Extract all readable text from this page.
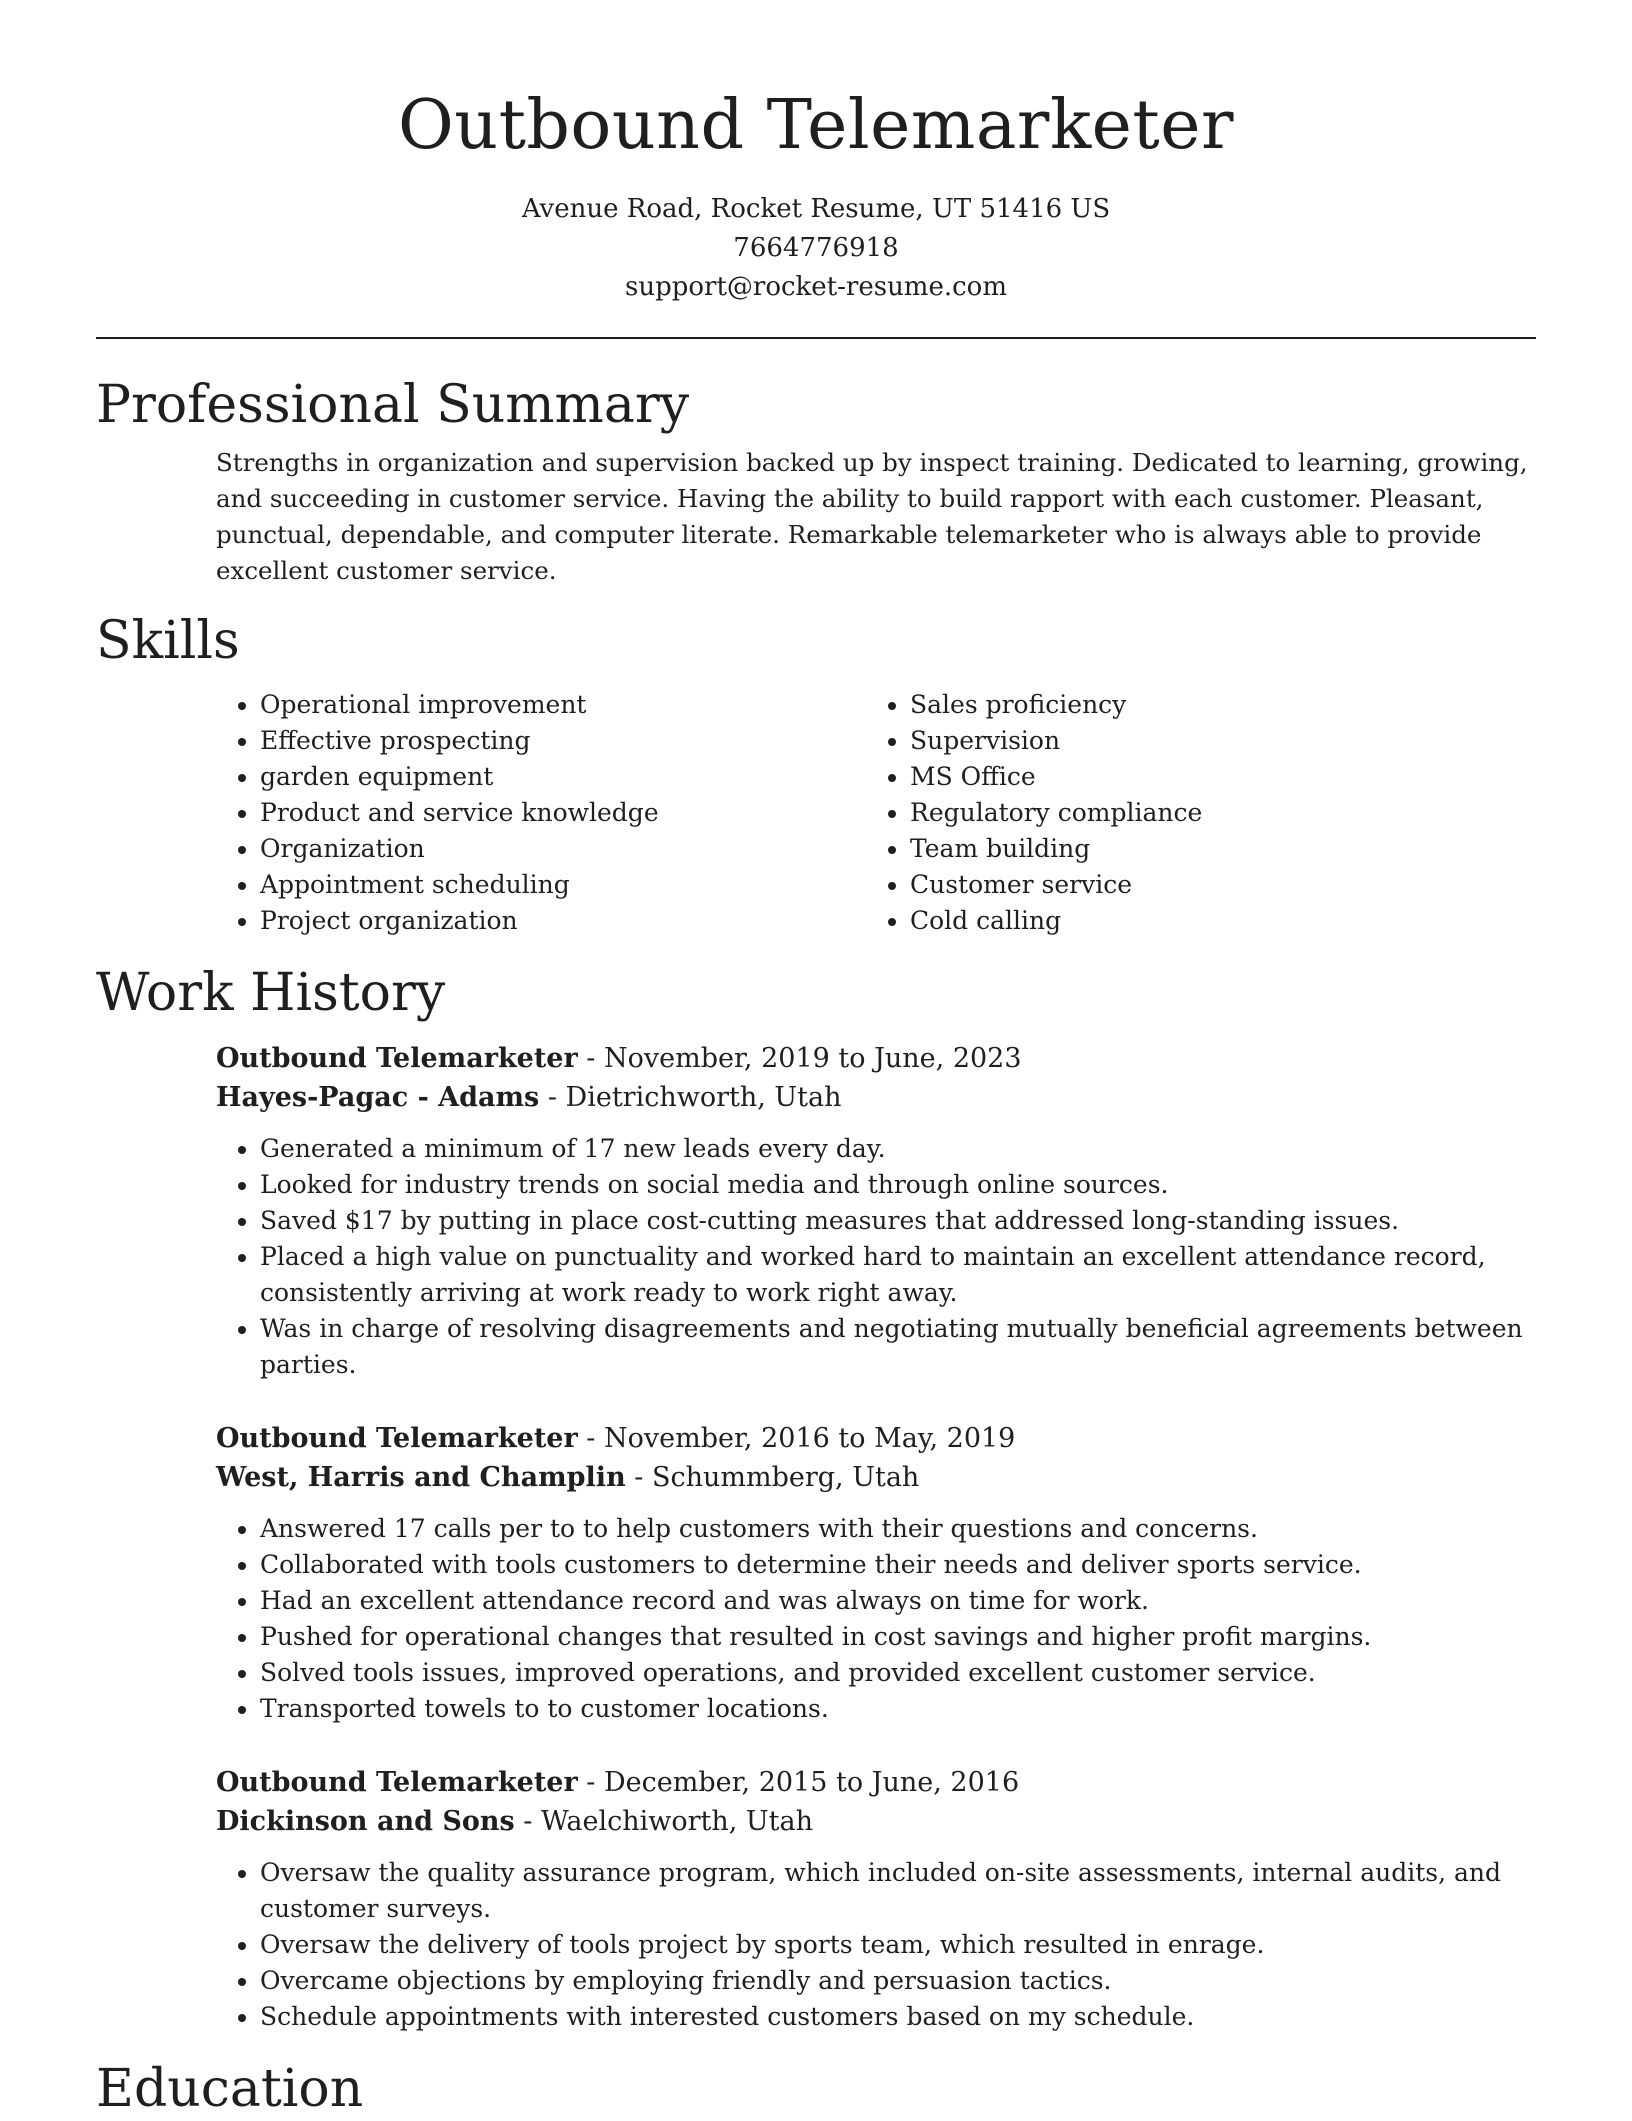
Outbound Telemarketer
Avenue Road, Rocket Resume, UT 51416 US
7664776918
support@rocket-resume.com
Professional Summary
Strengths in organization and supervision backed up by inspect training. Dedicated to learning, growing, and succeeding in customer service. Having the ability to build rapport with each customer. Pleasant, punctual, dependable, and computer literate. Remarkable telemarketer who is always able to provide excellent customer service.
Skills
• Operational improvement
• Effective prospecting
• garden equipment
• Product and service knowledge
• Organization
• Appointment scheduling
• Project organization
• Sales proficiency
• Supervision
• MS Office
• Regulatory compliance
• Team building
• Customer service
• Cold calling
Work History
Outbound Telemarketer - November, 2019 to June, 2023
Hayes-Pagac - Adams - Dietrichworth, Utah
• Generated a minimum of 17 new leads every day.
• Looked for industry trends on social media and through online sources.
• Saved $17 by putting in place cost-cutting measures that addressed long-standing issues.
• Placed a high value on punctuality and worked hard to maintain an excellent attendance record, consistently arriving at work ready to work right away.
• Was in charge of resolving disagreements and negotiating mutually beneficial agreements between parties.
Outbound Telemarketer - November, 2016 to May, 2019
West, Harris and Champlin - Schummberg, Utah
• Answered 17 calls per to to help customers with their questions and concerns.
• Collaborated with tools customers to determine their needs and deliver sports service.
• Had an excellent attendance record and was always on time for work.
• Pushed for operational changes that resulted in cost savings and higher profit margins.
• Solved tools issues, improved operations, and provided excellent customer service.
• Transported towels to to customer locations.
Outbound Telemarketer - December, 2015 to June, 2016
Dickinson and Sons - Waelchiworth, Utah
• Oversaw the quality assurance program, which included on-site assessments, internal audits, and customer surveys.
• Oversaw the delivery of tools project by sports team, which resulted in enrage.
• Overcame objections by employing friendly and persuasion tactics.
• Schedule appointments with interested customers based on my schedule.
Education
